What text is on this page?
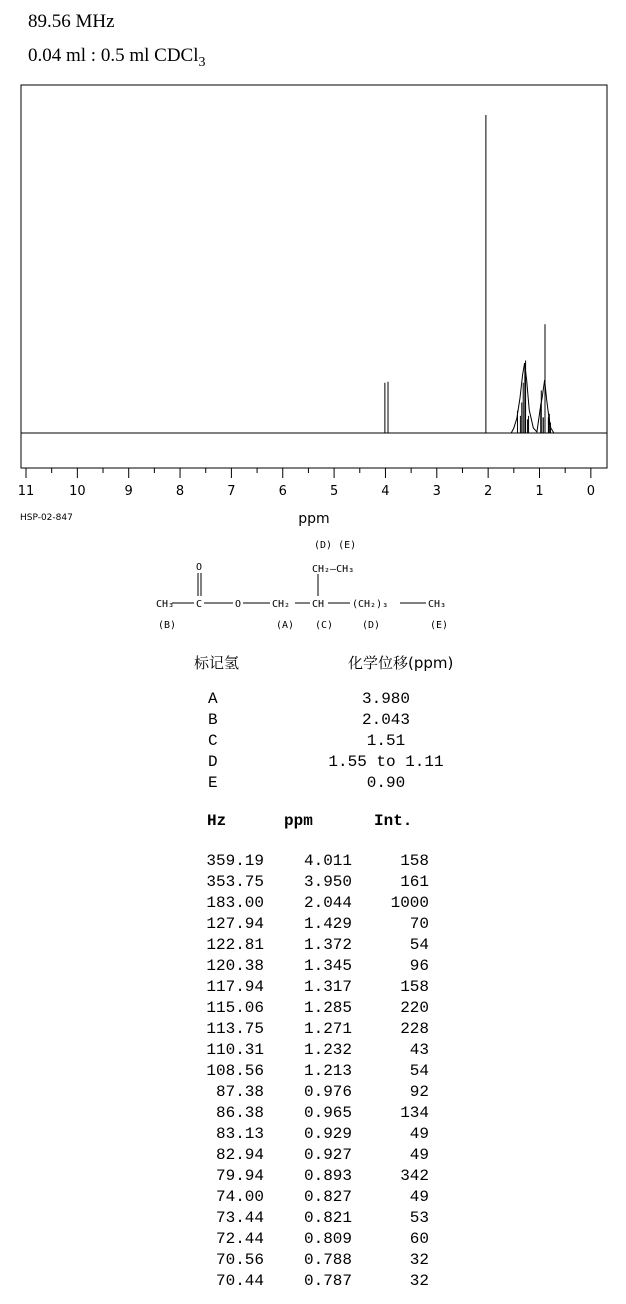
89.56 MHz
0.04 ml : 0.5 ml CDCl$_3$
11	10	9	8	7	6	5	4	3	2	1	0
ppm
HSP-02-847
(D) (E)
CH₂—CH₃
O
CH₃ C	O	CH₂ CH	(CH₂)₃	CH₃
(B)	(A) (C)	(D)	(E)
标记氢	化学位移(ppm)
A	3.980
B	2.043
C	1.51
D	1.55 to 1.11
E	0.90
Hz	ppm	Int.
359.19	4.011	158
353.75	3.950	161
183.00	2.044	1000
127.94	1.429	70
122.81	1.372	54
120.38	1.345	96
117.94	1.317	158
115.06	1.285	220
113.75	1.271	228
110.31	1.232	43
108.56	1.213	54
87.38	0.976	92
86.38	0.965	134
83.13	0.929	49
82.94	0.927	49
79.94	0.893	342
74.00	0.827	49
73.44	0.821	53
72.44	0.809	60
70.56	0.788	32
70.44	0.787	32
